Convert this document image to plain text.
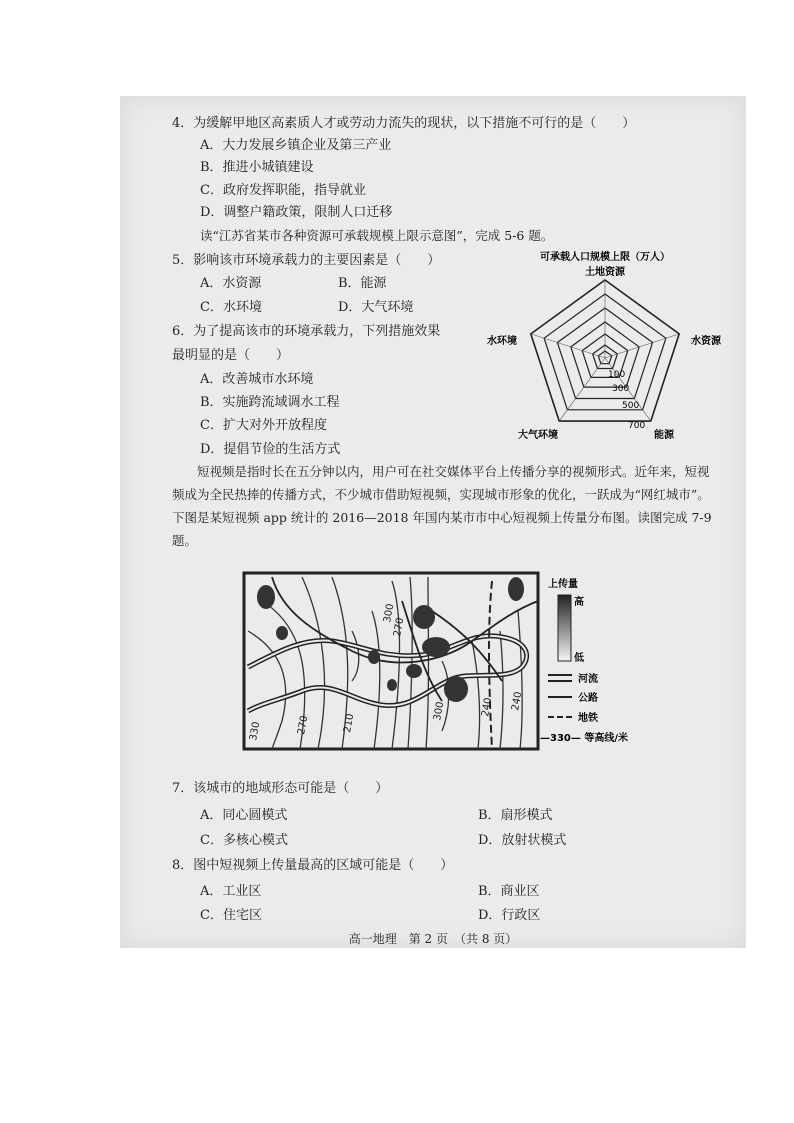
4．为缓解甲地区高素质人才或劳动力流失的现状，以下措施不可行的是（　　）
A．大力发展乡镇企业及第三产业
B．推进小城镇建设
C．政府发挥职能，指导就业
D．调整户籍政策，限制人口迁移
读“江苏省某市各种资源可承载规模上限示意图”，完成 5-6 题。
5．影响该市环境承载力的主要因素是（　　）
A．水资源	B．能源
C．水环境	D．大气环境
6．为了提高该市的环境承载力，下列措施效果
最明显的是（　　）
A．改善城市水环境
B．实施跨流域调水工程
C．扩大对外开放程度
D．提倡节俭的生活方式
可承载人口规模上限（万人）
土地资源
水资源
能源
大气环境
水环境
100
300
500
700
短视频是指时长在五分钟以内，用户可在社交媒体平台上传播分享的视频形式。近年来，短视频成为全民热捧的传播方式，不少城市借助短视频，实现城市形象的优化，一跃成为“网红城市”。下图是某短视频 app 统计的 2016—2018 年国内某市市中心短视频上传量分布图。读图完成 7-9 题。
300
270
330	270	210
300	240 240
上传量
高
低
河流
公路
地铁
—330— 等高线/米
7．该城市的地域形态可能是（　　）
A．同心圆模式	B．扇形模式
C．多核心模式	D．放射状模式
8．图中短视频上传量最高的区域可能是（　　）
A．工业区	B．商业区
C．住宅区	D．行政区
高一地理　第 2 页　（共 8 页）
